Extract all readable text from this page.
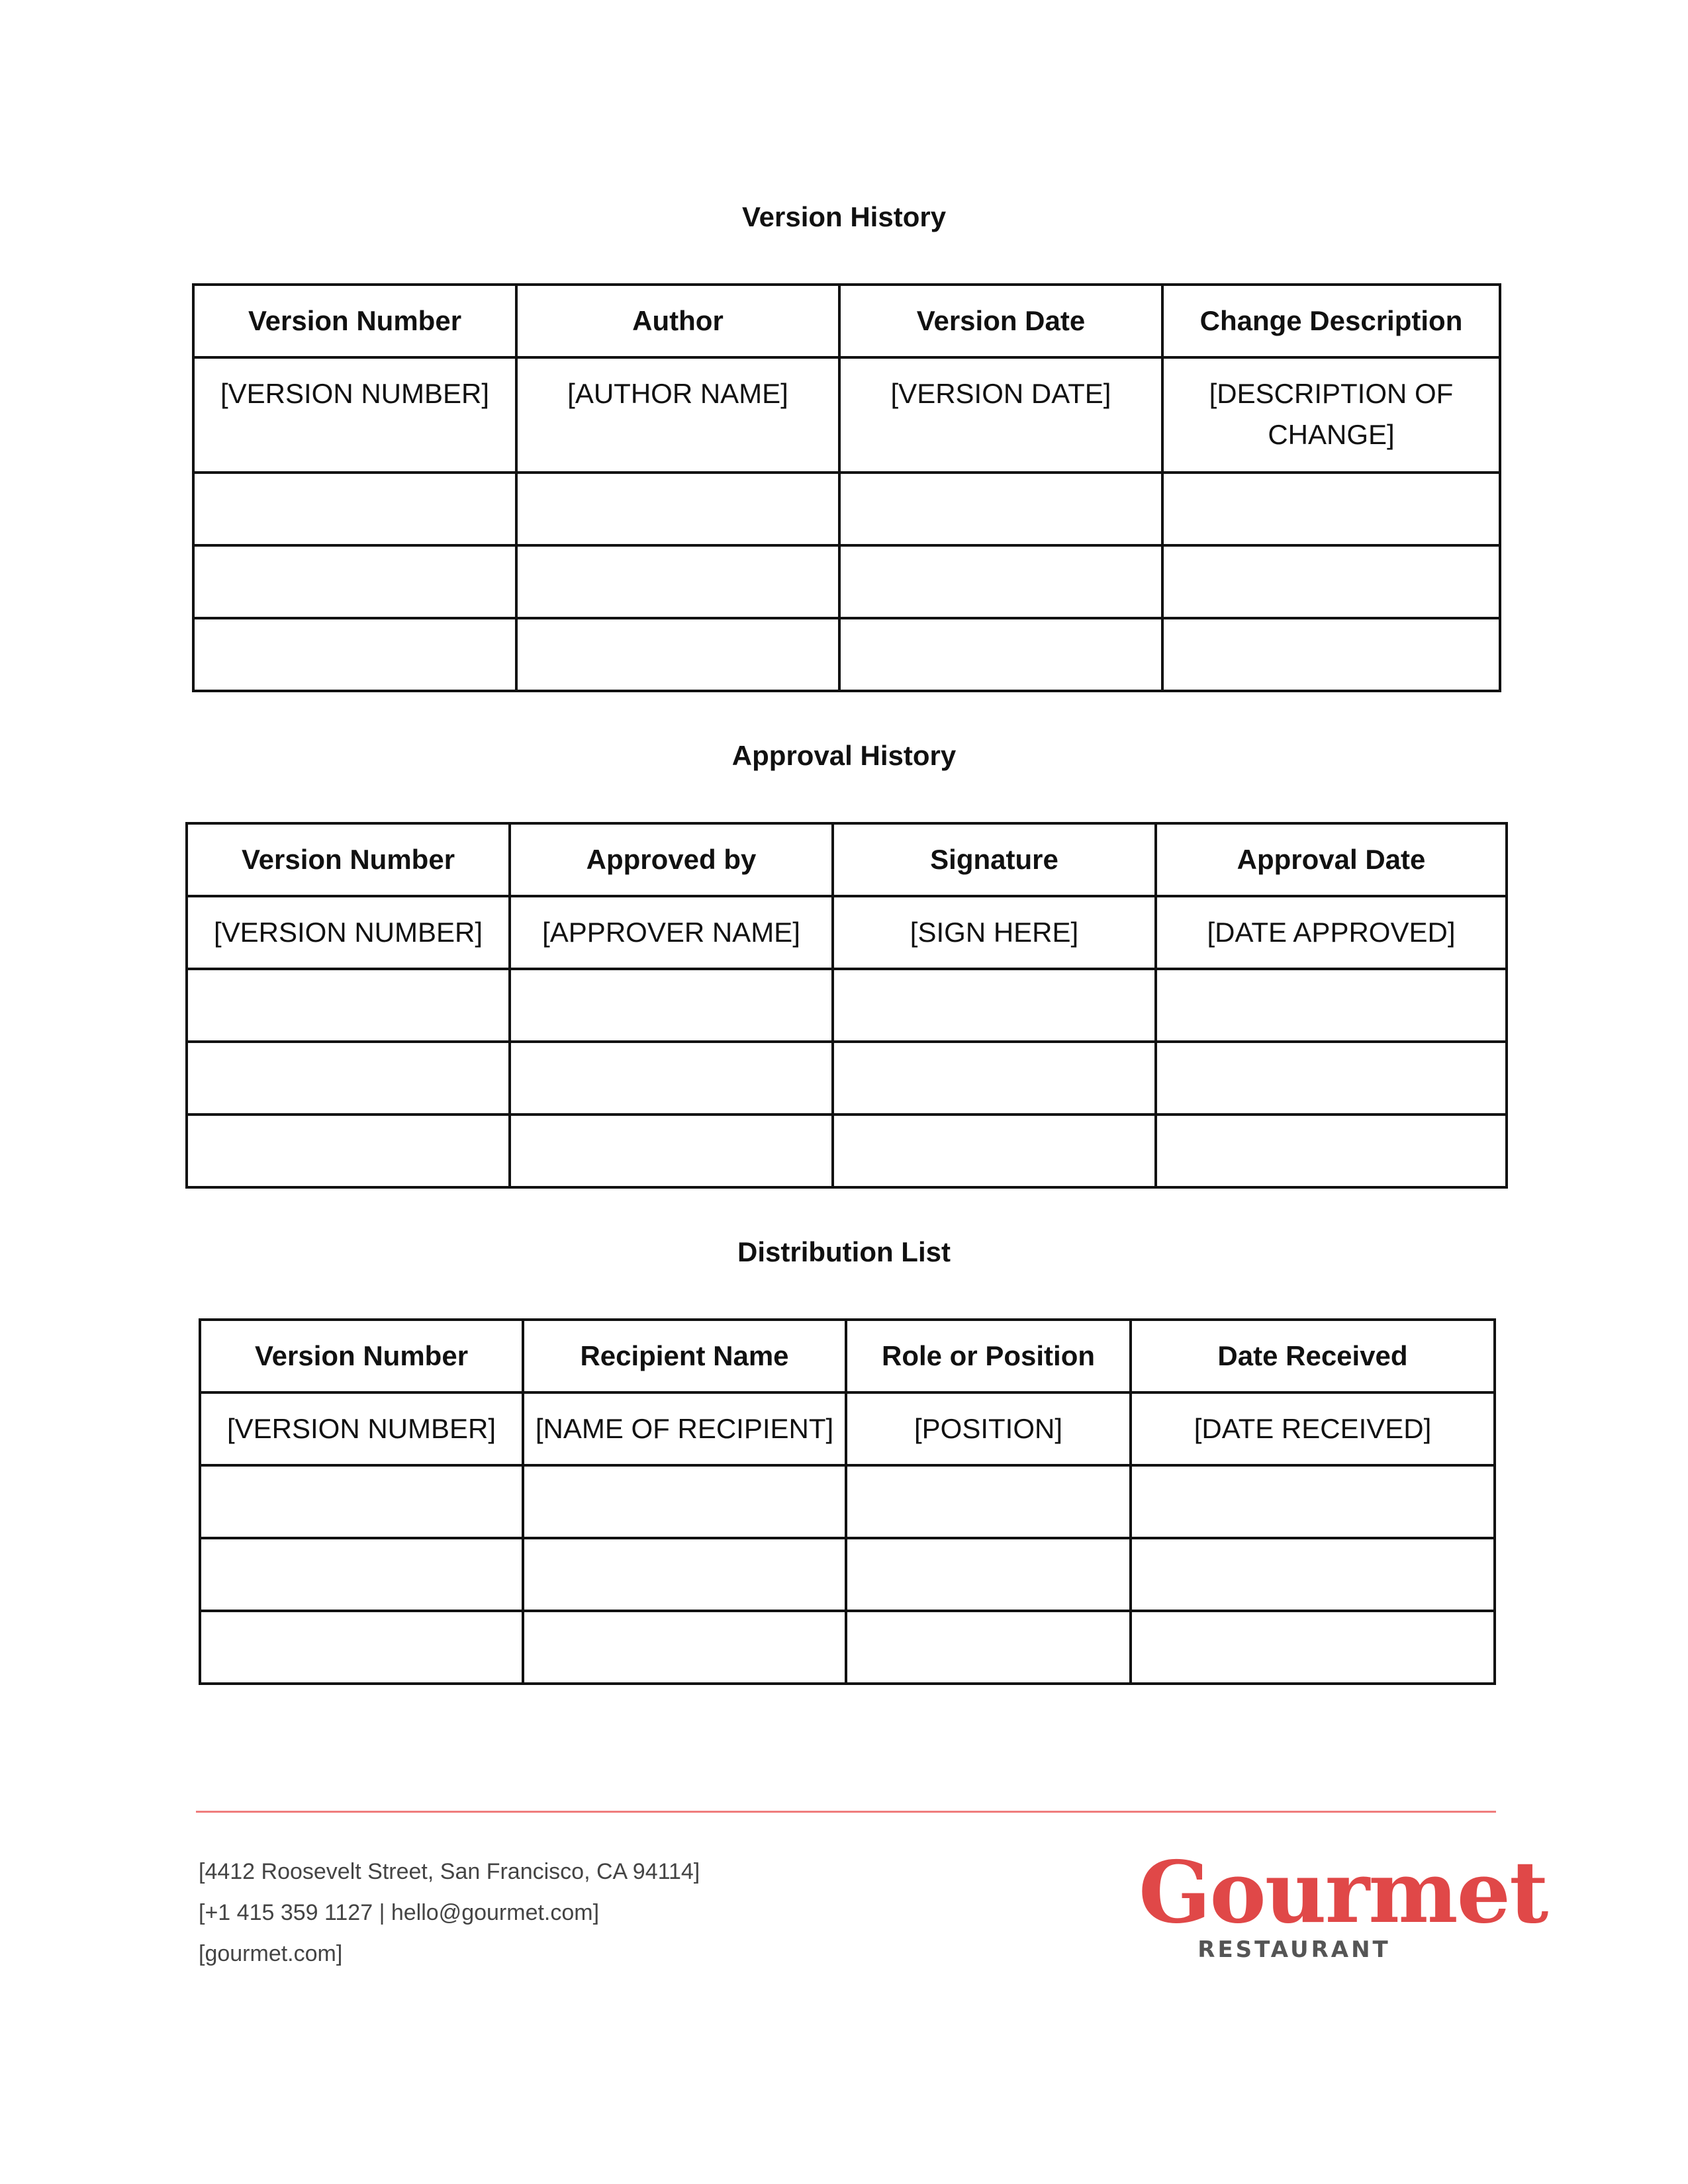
Version History
Version Number	Author	Version Date	Change Description
[VERSION NUMBER]	[AUTHOR NAME]	[VERSION DATE]	[DESCRIPTION OF CHANGE]

Approval History
Version Number	Approved by	Signature	Approval Date
[VERSION NUMBER]	[APPROVER NAME]	[SIGN HERE]	[DATE APPROVED]

Distribution List
Version Number	Recipient Name	Role or Position	Date Received
[VERSION NUMBER]	[NAME OF RECIPIENT]	[POSITION]	[DATE RECEIVED]

[4412 Roosevelt Street, San Francisco, CA 94114]
[+1 415 359 1127 | hello@gourmet.com]
[gourmet.com]
Gourmet
RESTAURANT
